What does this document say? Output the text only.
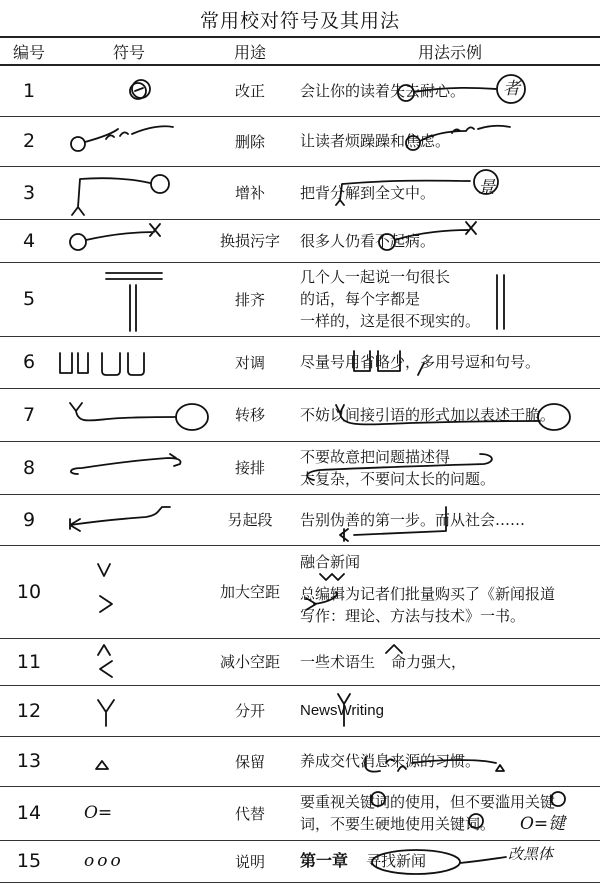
常用校对符号及其用法
编号	符号	用途	用法示例
1		改正	会让你的读着失去耐心。 者

2		删除	让读者烦躁躁和焦虑。

3		增补	把背分解到全文中。 景

4		换损污字	很多人仍看不起病。

5		排齐	几个人一起说一句很长
的话，每个字都是
一样的，这是很不现实的。

6		对调	尽量号用省略少，多用号逗和句号。

7		转移	不妨以间接引语的形式加以表述干脆。

8		接排	不要故意把问题描述得
太复杂，不要问太长的问题。

9		另起段	告别伪善的第一步。而从社会……

10		加大空距	融合新闻
总编辑为记者们批量购买了《新闻报道
写作：理论、方法与技术》一书。

11		减小空距	一些术语生 命力强大，

12		分开	NewsWriting

13		保留	养成交代消息来源的习惯。

14	O=	代替	要重视关键词的使用，但不要滥用关键
词，不要生硬地使用关键词。 O=键

15	ooo	说明	第一章 寻找新闻 改黑体
